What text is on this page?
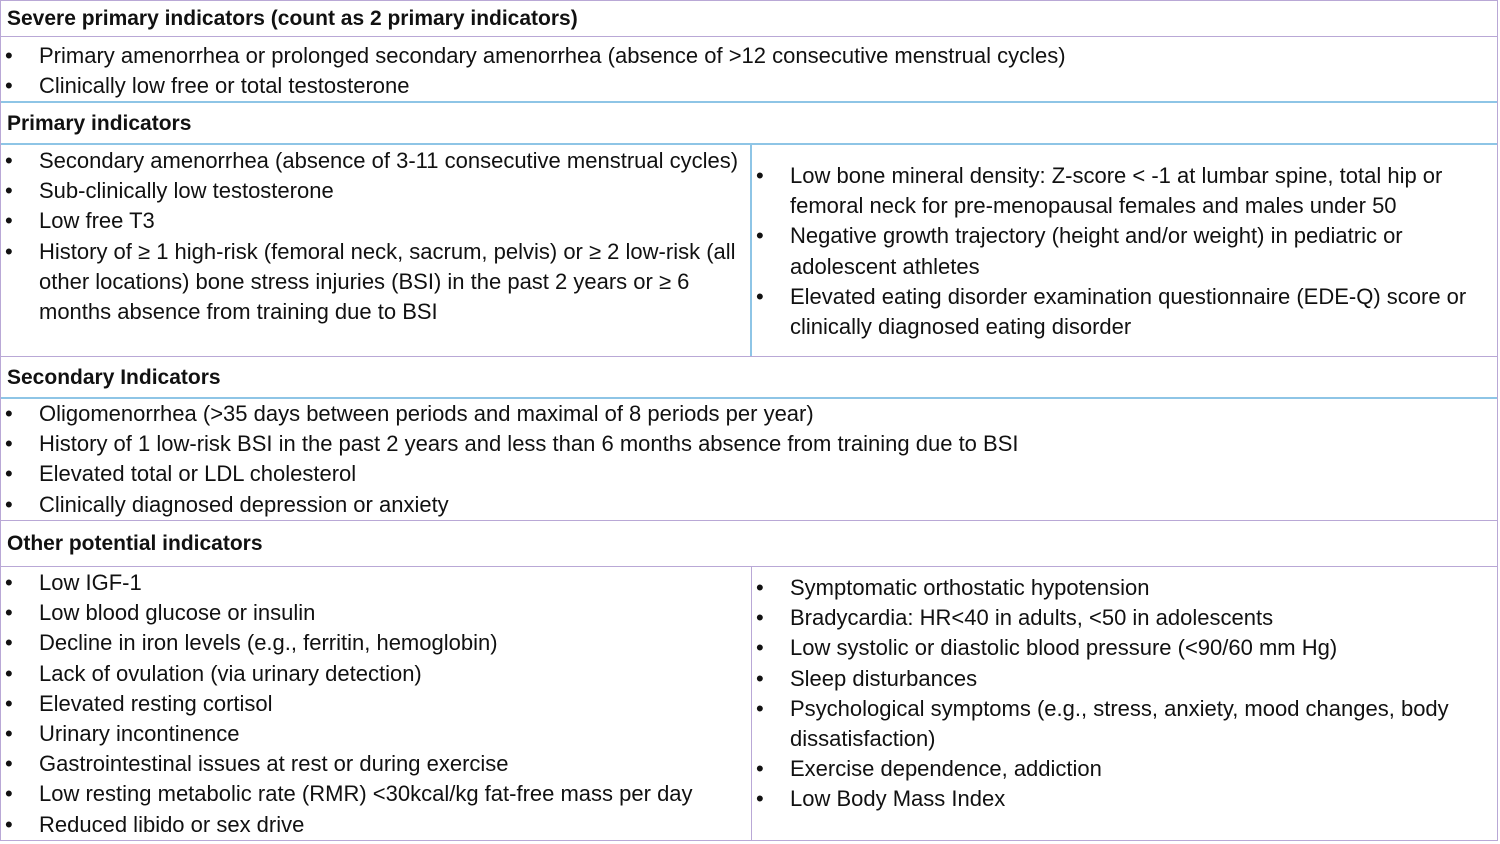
Severe primary indicators (count as 2 primary indicators)
• Primary amenorrhea or prolonged secondary amenorrhea (absence of >12 consecutive menstrual cycles)
• Clinically low free or total testosterone
Primary indicators
• Secondary amenorrhea (absence of 3-11 consecutive menstrual cycles)
• Sub-clinically low testosterone
• Low free T3
• History of ≥ 1 high-risk (femoral neck, sacrum, pelvis) or ≥ 2 low-risk (all other locations) bone stress injuries (BSI) in the past 2 years or ≥ 6 months absence from training due to BSI
• Low bone mineral density: Z-score < -1 at lumbar spine, total hip or femoral neck for pre-menopausal females and males under 50
• Negative growth trajectory (height and/or weight) in pediatric or adolescent athletes
• Elevated eating disorder examination questionnaire (EDE-Q) score or clinically diagnosed eating disorder
Secondary Indicators
• Oligomenorrhea (>35 days between periods and maximal of 8 periods per year)
• History of 1 low-risk BSI in the past 2 years and less than 6 months absence from training due to BSI
• Elevated total or LDL cholesterol
• Clinically diagnosed depression or anxiety
Other potential indicators
• Low IGF-1
• Low blood glucose or insulin
• Decline in iron levels (e.g., ferritin, hemoglobin)
• Lack of ovulation (via urinary detection)
• Elevated resting cortisol
• Urinary incontinence
• Gastrointestinal issues at rest or during exercise
• Low resting metabolic rate (RMR) <30kcal/kg fat-free mass per day
• Reduced libido or sex drive
• Symptomatic orthostatic hypotension
• Bradycardia: HR<40 in adults, <50 in adolescents
• Low systolic or diastolic blood pressure (<90/60 mm Hg)
• Sleep disturbances
• Psychological symptoms (e.g., stress, anxiety, mood changes, body dissatisfaction)
• Exercise dependence, addiction
• Low Body Mass Index
